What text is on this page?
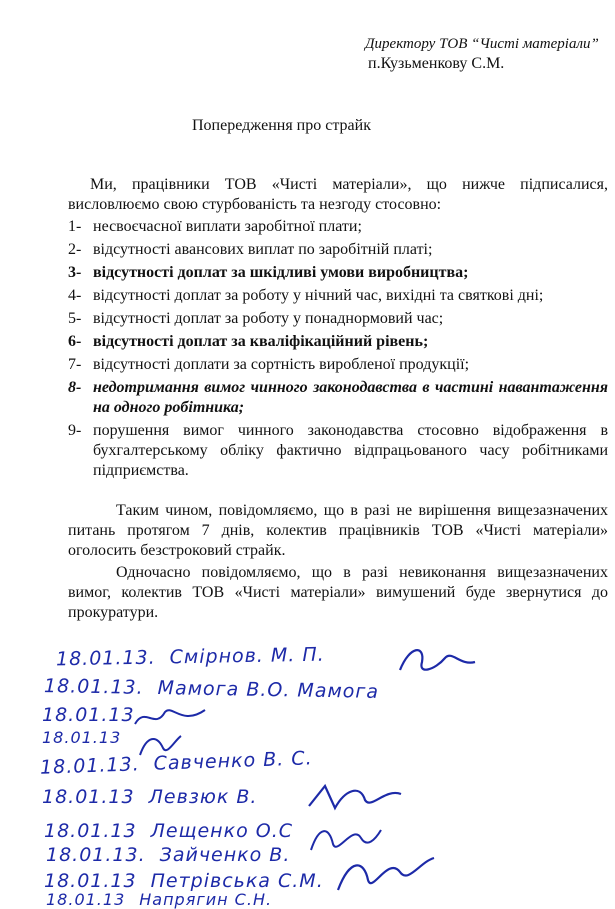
Директору ТОВ “Чисті матеріали”
п.Кузьменкову С.М.
Попередження про страйк

Ми, працівники ТОВ «Чисті матеріали», що нижче підписалися, висловлюємо свою стурбованість та незгоду стосовно:

1- несвоєчасної виплати заробітної плати;
2- відсутності авансових виплат по заробітній платі;
3- відсутності доплат за шкідливі умови виробництва;
4- відсутності доплат за роботу у нічний час, вихідні та святкові дні;
5- відсутності доплат за роботу у понаднормовий час;
6- відсутності доплат за кваліфікаційний рівень;
7- відсутності доплати за сортність виробленої продукції;
8- недотримання вимог чинного законодавства в частині навантаження на одного робітника;
9- порушення вимог чинного законодавства стосовно відображення в бухгалтерському обліку фактично відпрацьованого часу робітниками підприємства.

Таким чином, повідомляємо, що в разі не вирішення вищезазначених питань протягом 7 днів, колектив працівників ТОВ «Чисті матеріали» оголосить безстроковий страйк.

Одночасно повідомляємо, що в разі невиконання вищезазначених вимог, колектив ТОВ «Чисті матеріали» вимушений буде звернутися до прокуратури.

18.01.13. Смірнов. М. П.
18.01.13. Мамога В.О. Мамога
18.01.13
18.01.13
18.01.13. Савченко В. С.
18.01.13 Левзюк В.
18.01.13 Лещенко О.С
18.01.13. Зайченко В.
18.01.13 Петрівська С.М.
18.01.13 Напрягин С.Н.
